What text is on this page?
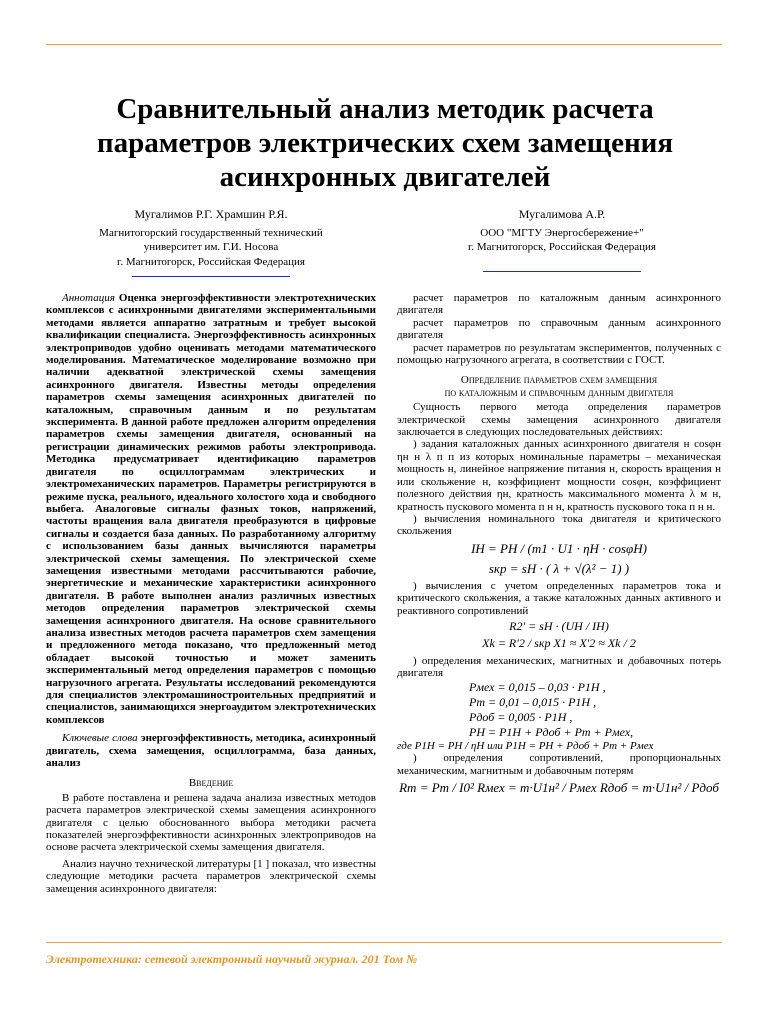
Сравнительный анализ методик расчета
параметров электрических схем замещения
асинхронных двигателей
Мугалимов Р.Г. Храмшин Р.Я.
Магнитогорский государственный технический
университет им. Г.И. Носова
г. Магнитогорск, Российская Федерация
Мугалимова А.Р.
ООО "МГТУ Энергосбережение+"
г. Магнитогорск, Российская Федерация

Аннотация Оценка энергоэффективности электротехнических комплексов с асинхронными двигателями экспериментальными методами является аппаратно затратным и требует высокой квалификации специалиста. Энергоэффективность асинхронных электроприводов удобно оценивать методами математического моделирования. Математическое моделирование возможно при наличии адекватной электрической схемы замещения асинхронного двигателя. Известны методы определения параметров схемы замещения асинхронных двигателей по каталожным, справочным данным и по результатам эксперимента. В данной работе предложен алгоритм определения параметров схемы замещения двигателя, основанный на регистрации динамических режимов работы электропривода. Методика предусматривает идентификацию параметров двигателя по осциллограммам электрических и электромеханических параметров. Параметры регистрируются в режиме пуска, реального, идеального холостого хода и свободного выбега. Аналоговые сигналы фазных токов, напряжений, частоты вращения вала двигателя преобразуются в цифровые сигналы и создается база данных. По разработанному алгоритму с использованием базы данных вычисляются параметры электрической схемы замещения. По электрической схеме замещения известными методами рассчитываются рабочие, энергетические и механические характеристики асинхронного двигателя. В работе выполнен анализ различных известных методов определения параметров электрической схемы замещения асинхронного двигателя. На основе сравнительного анализа известных методов расчета параметров схем замещения и предложенного метода показано, что предложенный метод обладает высокой точностью и может заменить экспериментальный метод определения параметров с помощью нагрузочного агрегата. Результаты исследований рекомендуются для специалистов электромашиностроительных предприятий и специалистов, занимающихся энергоаудитом электротехнических комплексов

Ключевые слова энергоэффективность, методика, асинхронный двигатель, схема замещения, осциллограмма, база данных, анализ

Введение

В работе поставлена и решена задача анализа известных методов расчета параметров электрической схемы замещения асинхронного двигателя с целью обоснованного выбора методики расчета показателей энергоэффективности асинхронных электроприводов на основе расчета электрической схемы замещения двигателя.

Анализ научно технической литературы [1 ] показал, что известны следующие методики расчета параметров электрической схемы замещения асинхронного двигателя:

расчет параметров по каталожным данным асинхронного двигателя

расчет параметров по справочным данным асинхронного двигателя

расчет параметров по результатам экспериментов, полученных с помощью нагрузочного агрегата, в соответствии с ГОСТ.

Определение параметров схем замещения
по каталожным и справочным данным двигателя

Сущность первого метода определения параметров электрической схемы замещения асинхронного двигателя заключается в следующих последовательных действиях:

) задания каталожных данных асинхронного двигателя н cosφн ηн н λ п п из которых номинальные параметры – механическая мощность н, линейное напряжение питания н, скорость вращения н или скольжение н, коэффициент мощности cosφн, коэффициент полезного действия ηн, кратность максимального момента λ м н, кратность пускового момента п н н, кратность пускового тока п н н.

) вычисления номинального тока двигателя и критического скольжения

IH = PH / (m1 · U1 · ηH · cosφH)
sкр = sH · ( λ + √(λ² − 1) )

) вычисления с учетом определенных параметров тока и критического скольжения, а также каталожных данных активного и реактивного сопротивлений

R2' = sH · (UH / IH)
Xk = R'2 / sкр X1 ≈ X'2 ≈ Xk / 2

) определения механических, магнитных и добавочных потерь двигателя

Pмех = 0,015 – 0,03 · P1H ,
Pm = 0,01 – 0,015 · P1H ,
Pдоб = 0,005 · P1H ,
PH = P1H + Pдоб + Pm + Pмех,
где P1H = PH / ηH или P1H = PH + Pдоб + Pm + Pмех

) определения сопротивлений, пропорциональных механическим, магнитным и добавочным потерям

Rm = Pm / I0² Rмех = m·U1н² / Pмех Rдоб = m·U1н² / Pдоб
Электротехника: сетевой электронный научный журнал. 201 Том №
